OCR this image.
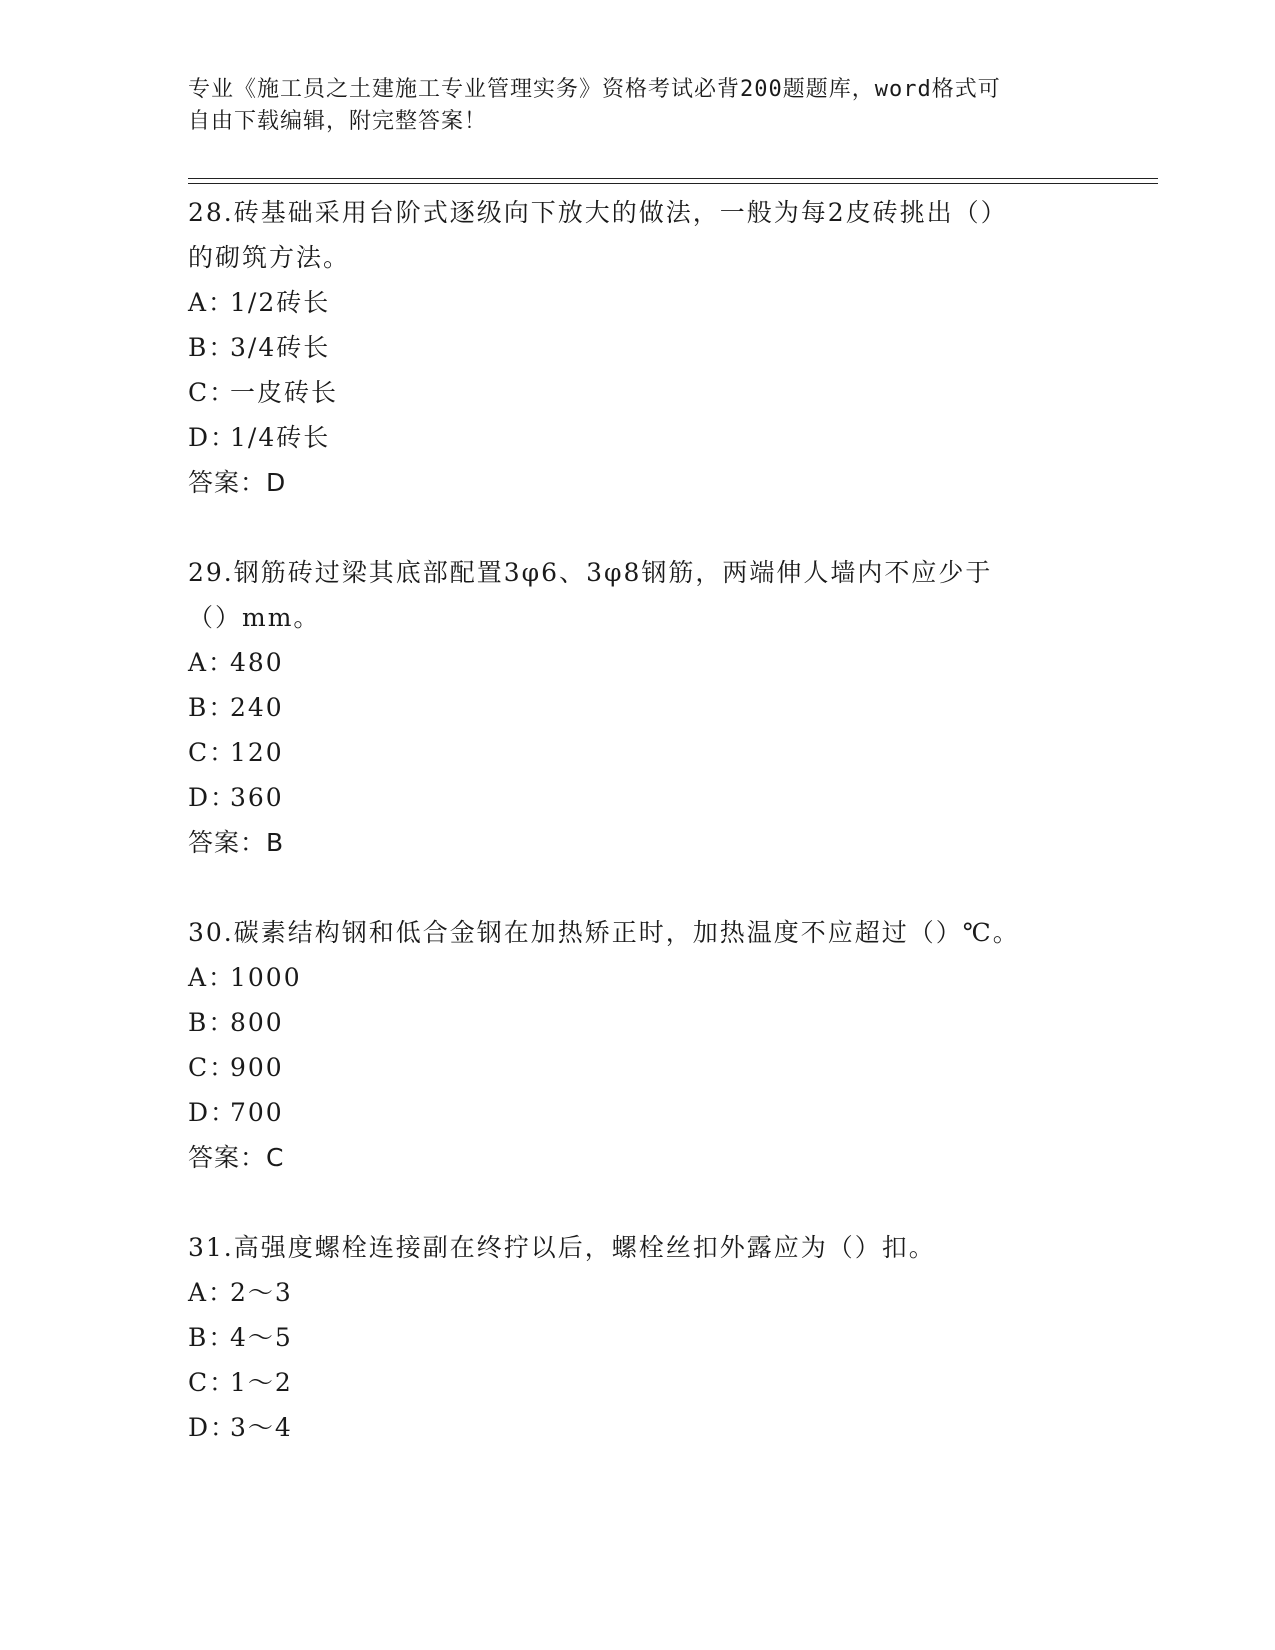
专业《施工员之土建施工专业管理实务》资格考试必背200题题库，word格式可
自由下载编辑，附完整答案！
28.砖基础采用台阶式逐级向下放大的做法，一般为每2皮砖挑出（）
的砌筑方法。
A：1/2砖长
B：3/4砖长
C：一皮砖长
D：1/4砖长
答案：D
29.钢筋砖过梁其底部配置3φ6、3φ8钢筋，两端伸人墙内不应少于
（）mm。
A：480
B：240
C：120
D：360
答案：B
30.碳素结构钢和低合金钢在加热矫正时，加热温度不应超过（）℃。
A：1000
B：800
C：900
D：700
答案：C
31.高强度螺栓连接副在终拧以后，螺栓丝扣外露应为（）扣。
A：2～3
B：4～5
C：1～2
D：3～4
